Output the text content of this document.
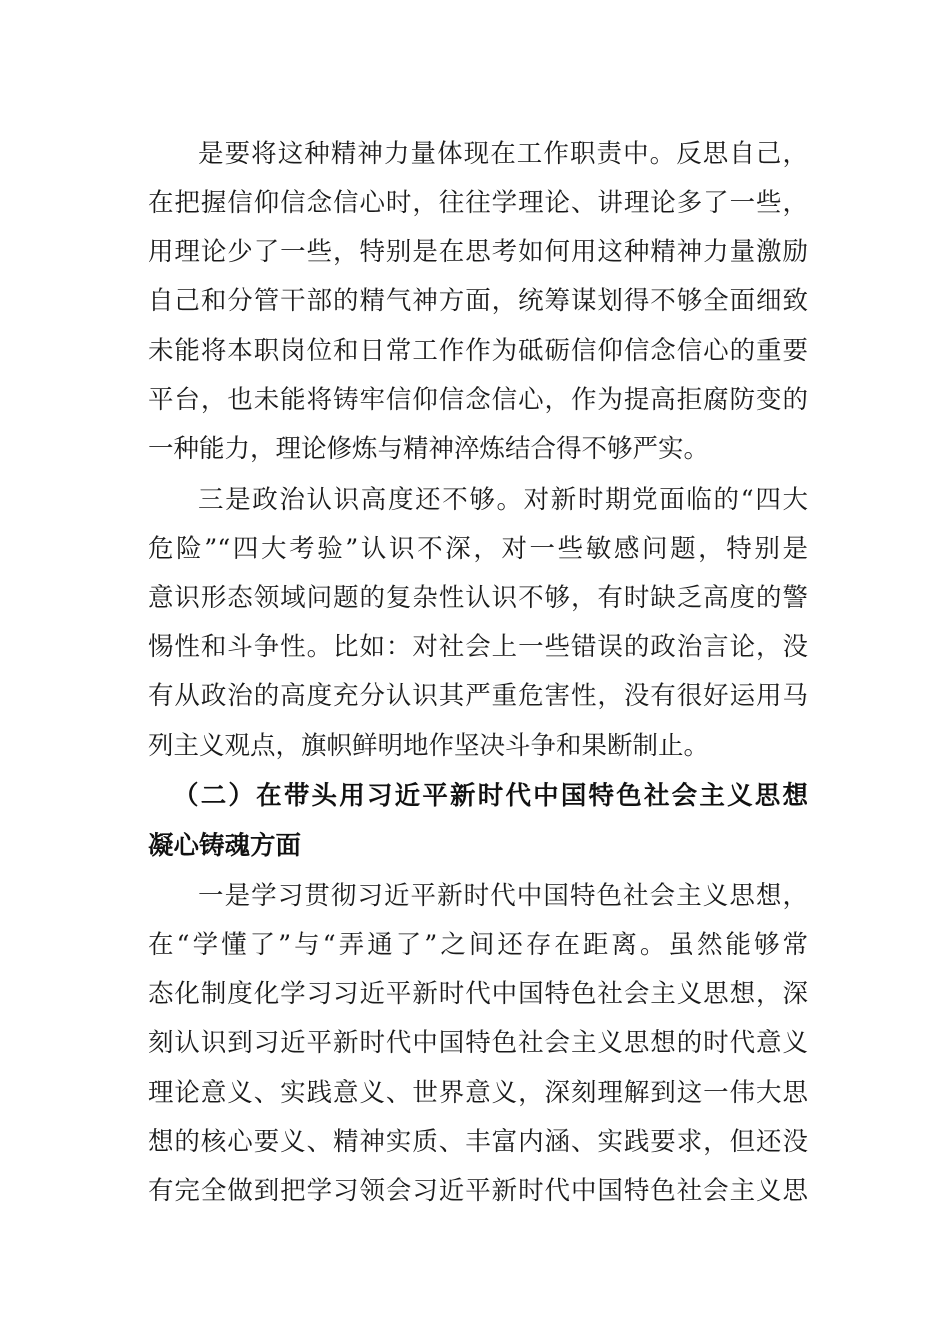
是要将这种精神力量体现在工作职责中。反思自己，

在把握信仰信念信心时，往往学理论、讲理论多了一些，

用理论少了一些，特别是在思考如何用这种精神力量激励

自己和分管干部的精气神方面，统筹谋划得不够全面细致

未能将本职岗位和日常工作作为砥砺信仰信念信心的重要

平台，也未能将铸牢信仰信念信心，作为提高拒腐防变的

一种能力，理论修炼与精神淬炼结合得不够严实。

三是政治认识高度还不够。对新时期党面临的“四大

危险”“四大考验”认识不深，对一些敏感问题，特别是

意识形态领域问题的复杂性认识不够，有时缺乏高度的警

惕性和斗争性。比如：对社会上一些错误的政治言论，没

有从政治的高度充分认识其严重危害性，没有很好运用马

列主义观点，旗帜鲜明地作坚决斗争和果断制止。

（二）在带头用习近平新时代中国特色社会主义思想

凝心铸魂方面

一是学习贯彻习近平新时代中国特色社会主义思想，

在“学懂了”与“弄通了”之间还存在距离。虽然能够常

态化制度化学习习近平新时代中国特色社会主义思想，深

刻认识到习近平新时代中国特色社会主义思想的时代意义

理论意义、实践意义、世界意义，深刻理解到这一伟大思

想的核心要义、精神实质、丰富内涵、实践要求，但还没

有完全做到把学习领会习近平新时代中国特色社会主义思
